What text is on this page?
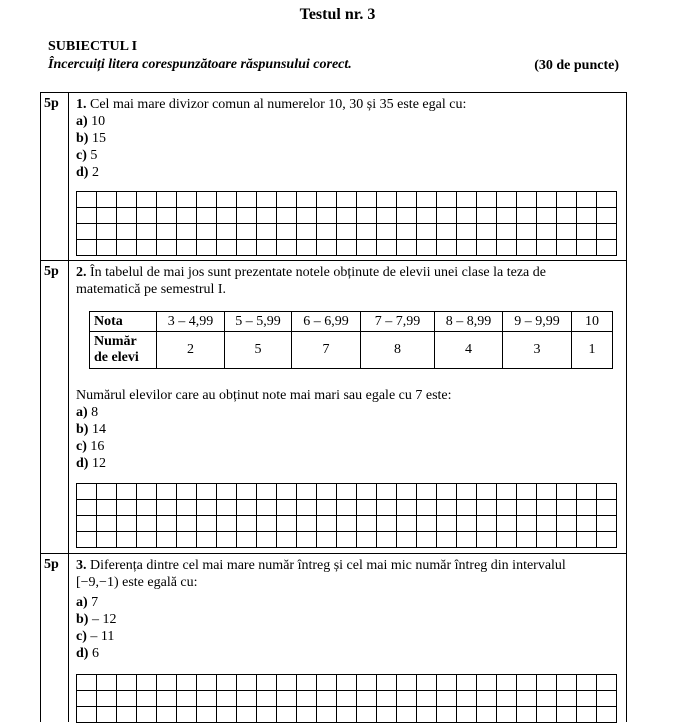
Testul nr. 3
SUBIECTUL I
Încercuiți litera corespunzătoare răspunsului corect.	(30 de puncte)
5p 1. Cel mai mare divizor comun al numerelor 10, 30 și 35 este egal cu:
a) 10
b) 15
c) 5
d) 2
5p 2. În tabelul de mai jos sunt prezentate notele obținute de elevii unei clase la teza de
matematică pe semestrul I.
Nota	3 – 4,99	5 – 5,99	6 – 6,99	7 – 7,99	8 – 8,99	9 – 9,99	10
Număr
de elevi	2	5	7	8	4	3	1
Numărul elevilor care au obținut note mai mari sau egale cu 7 este:
a) 8
b) 14
c) 16
d) 12
5p 3. Diferența dintre cel mai mare număr întreg și cel mai mic număr întreg din intervalul
[−9,−1) este egală cu:
a) 7
b) – 12
c) – 11
d) 6
